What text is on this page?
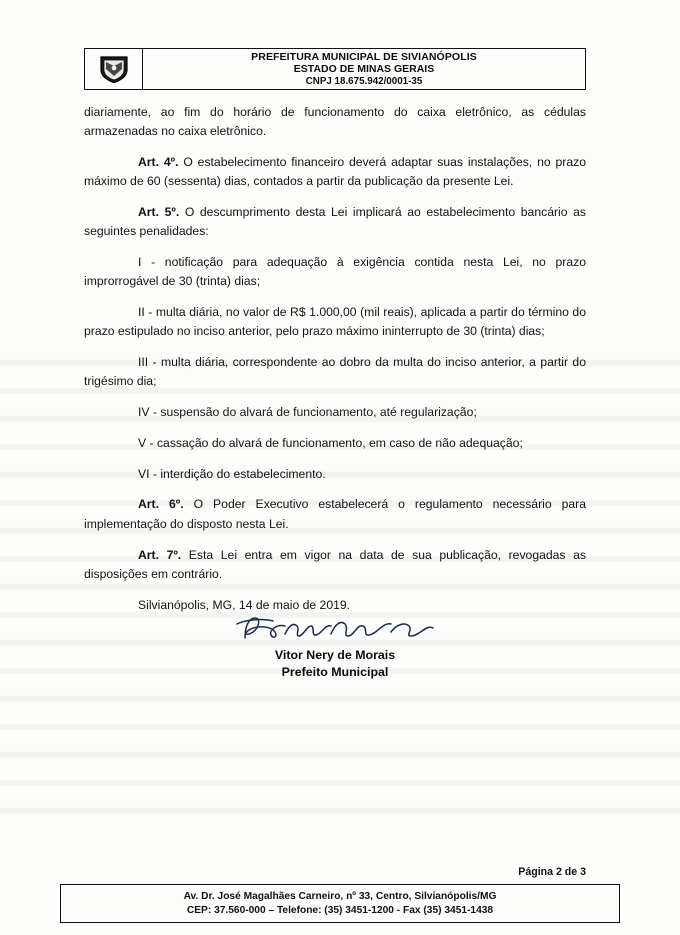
PREFEITURA MUNICIPAL DE SIVIANÓPOLIS
ESTADO DE MINAS GERAIS
CNPJ 18.675.942/0001-35

diariamente, ao fim do horário de funcionamento do caixa eletrônico, as cédulas armazenadas no caixa eletrônico.

Art. 4º. O estabelecimento financeiro deverá adaptar suas instalações, no prazo máximo de 60 (sessenta) dias, contados a partir da publicação da presente Lei.

Art. 5º. O descumprimento desta Lei implicará ao estabelecimento bancário as seguintes penalidades:

I - notificação para adequação à exigência contida nesta Lei, no prazo improrrogável de 30 (trinta) dias;

II - multa diária, no valor de R$ 1.000,00 (mil reais), aplicada a partir do término do prazo estipulado no inciso anterior, pelo prazo máximo ininterrupto de 30 (trinta) dias;

III - multa diária, correspondente ao dobro da multa do inciso anterior, a partir do trigésimo dia;

IV - suspensão do alvará de funcionamento, até regularização;

V - cassação do alvará de funcionamento, em caso de não adequação;

VI - interdição do estabelecimento.

Art. 6º. O Poder Executivo estabelecerá o regulamento necessário para implementação do disposto nesta Lei.

Art. 7º. Esta Lei entra em vigor na data de sua publicação, revogadas as disposições em contrário.

Silvianópolis, MG, 14 de maio de 2019.

Vitor Nery de Morais
Prefeito Municipal
Página 2 de 3
Av. Dr. José Magalhães Carneiro, nº 33, Centro, Silvianópolis/MG
CEP: 37.560-000 – Telefone: (35) 3451-1200 - Fax (35) 3451-1438
